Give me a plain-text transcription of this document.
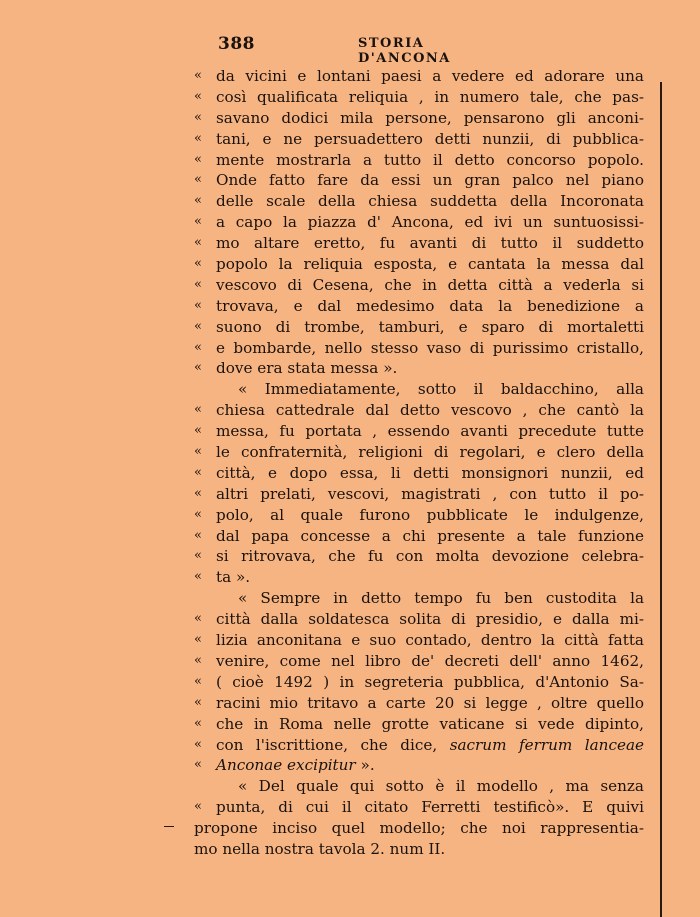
388	STORIA D'ANCONA
« da vicini e lontani paesi a vedere ed adorare una
« così qualificata reliquia , in numero tale, che pas-
« savano dodici mila persone, pensarono gli anconi-
« tani, e ne persuadettero detti nunzii, di pubblica-
« mente mostrarla a tutto il detto concorso popolo.
« Onde fatto fare da essi un gran palco nel piano
« delle scale della chiesa suddetta della Incoronata
« a capo la piazza d' Ancona, ed ivi un suntuosissi-
« mo altare eretto, fu avanti di tutto il suddetto
« popolo la reliquia esposta, e cantata la messa dal
« vescovo di Cesena, che in detta città a vederla si
« trovava, e dal medesimo data la benedizione a
« suono di trombe, tamburi, e sparo di mortaletti
« e bombarde, nello stesso vaso di purissimo cristallo,
« dove era stata messa ».
« Immediatamente, sotto il baldacchino, alla
« chiesa cattedrale dal detto vescovo , che cantò la
« messa, fu portata , essendo avanti precedute tutte
« le confraternità, religioni di regolari, e clero della
« città, e dopo essa, li detti monsignori nunzii, ed
« altri prelati, vescovi, magistrati , con tutto il po-
« polo, al quale furono pubblicate le indulgenze,
« dal papa concesse a chi presente a tale funzione
« si ritrovava, che fu con molta devozione celebra-
« ta ».
« Sempre in detto tempo fu ben custodita la
« città dalla soldatesca solita di presidio, e dalla mi-
« lizia anconitana e suo contado, dentro la città fatta
« venire, come nel libro de' decreti dell' anno 1462,
« ( cioè 1492 ) in segreteria pubblica, d'Antonio Sa-
« racini mio tritavo a carte 20 si legge , oltre quello
« che in Roma nelle grotte vaticane si vede dipinto,
« con l'iscrittione, che dice, sacrum ferrum lanceae
« Anconae excipitur ».
« Del quale qui sotto è il modello , ma senza
« punta, di cui il citato Ferretti testificò». E quivi
propone inciso quel modello; che noi rappresentia-
mo nella nostra tavola 2. num II.
